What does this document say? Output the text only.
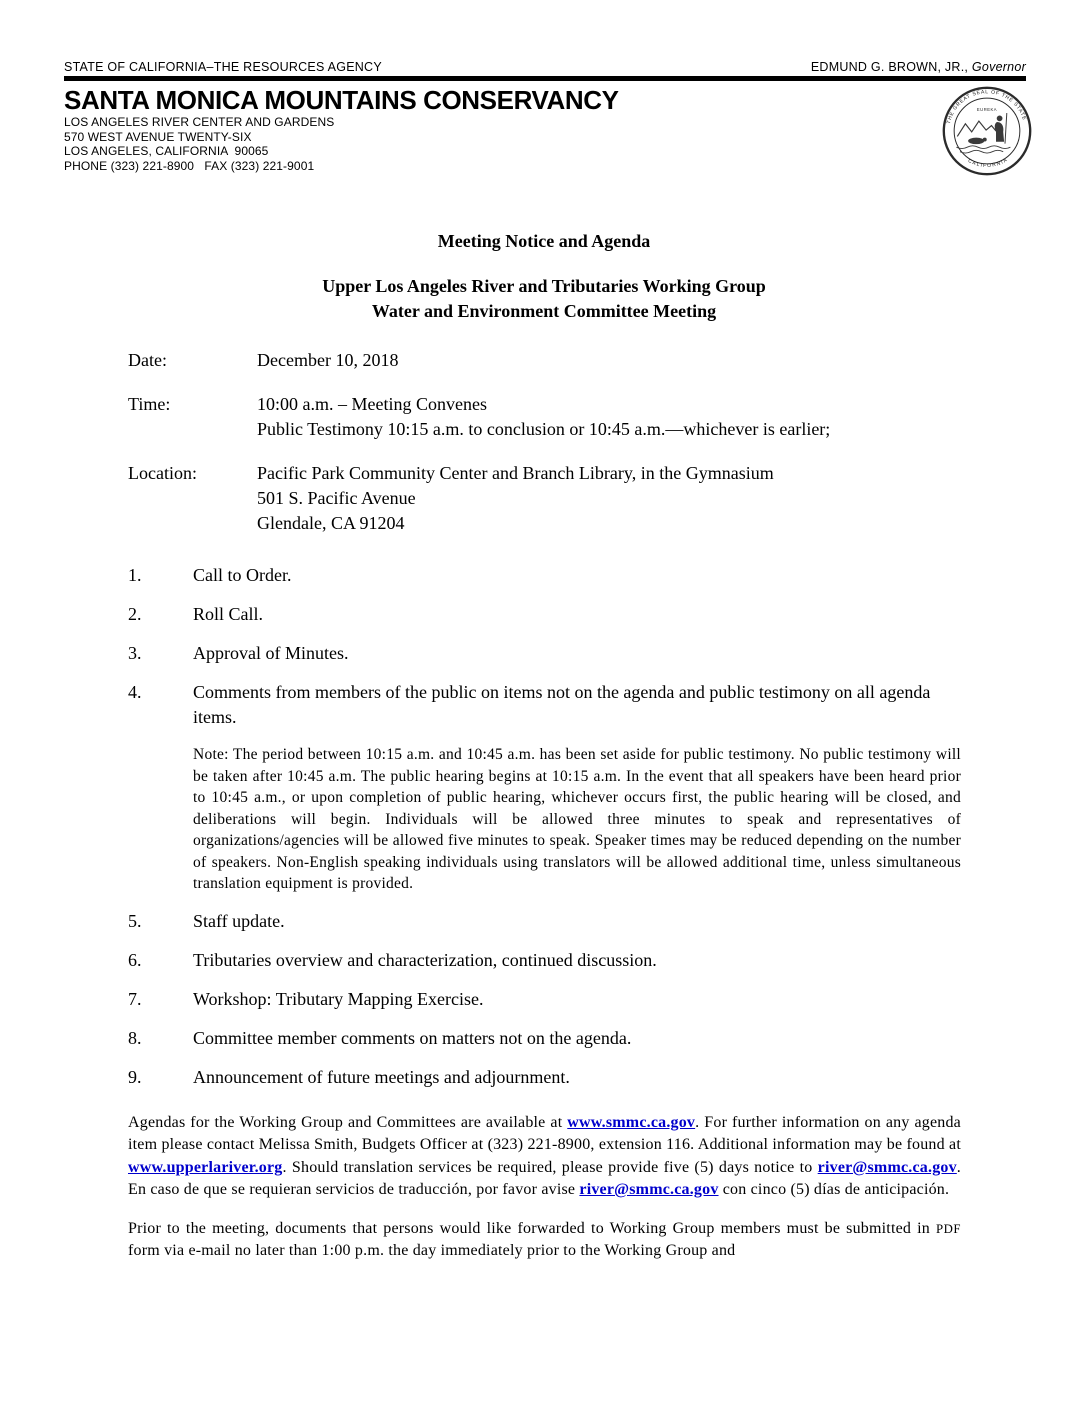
STATE OF CALIFORNIA–THE RESOURCES AGENCY	EDMUND G. BROWN, JR., Governor
SANTA MONICA MOUNTAINS CONSERVANCY
LOS ANGELES RIVER CENTER AND GARDENS
570 WEST AVENUE TWENTY-SIX
LOS ANGELES, CALIFORNIA  90065
PHONE (323) 221-8900   FAX (323) 221-9001
THE GREAT SEAL OF THE STATE
CALIFORNIA
EUREKA
Meeting Notice and Agenda
Upper Los Angeles River and Tributaries Working Group
Water and Environment Committee Meeting
Date:	December 10, 2018
Time:	10:00 a.m. – Meeting Convenes
Public Testimony 10:15 a.m. to conclusion or 10:45 a.m.—whichever is earlier;
Location:	Pacific Park Community Center and Branch Library, in the Gymnasium
501 S. Pacific Avenue
Glendale, CA 91204
1.	Call to Order.
2.	Roll Call.
3.	Approval of Minutes.
4.	Comments from members of the public on items not on the agenda and public testimony on all agenda items.
Note: The period between 10:15 a.m. and 10:45 a.m. has been set aside for public testimony. No public testimony will be taken after 10:45 a.m. The public hearing begins at 10:15 a.m. In the event that all speakers have been heard prior to 10:45 a.m., or upon completion of public hearing, whichever occurs first, the public hearing will be closed, and deliberations will begin. Individuals will be allowed three minutes to speak and representatives of organizations/agencies will be allowed five minutes to speak. Speaker times may be reduced depending on the number of speakers. Non-English speaking individuals using translators will be allowed additional time, unless simultaneous translation equipment is provided.
5.	Staff update.
6.	Tributaries overview and characterization, continued discussion.
7.	Workshop: Tributary Mapping Exercise.
8.	Committee member comments on matters not on the agenda.
9.	Announcement of future meetings and adjournment.

Agendas for the Working Group and Committees are available at www.smmc.ca.gov. For further information on any agenda item please contact Melissa Smith, Budgets Officer at (323) 221-8900, extension 116. Additional information may be found at www.upperlariver.org. Should translation services be required, please provide five (5) days notice to river@smmc.ca.gov. En caso de que se requieran servicios de traducción, por favor avise river@smmc.ca.gov con cinco (5) días de anticipación.

Prior to the meeting, documents that persons would like forwarded to Working Group members must be submitted in PDF form via e-mail no later than 1:00 p.m. the day immediately prior to the Working Group and
